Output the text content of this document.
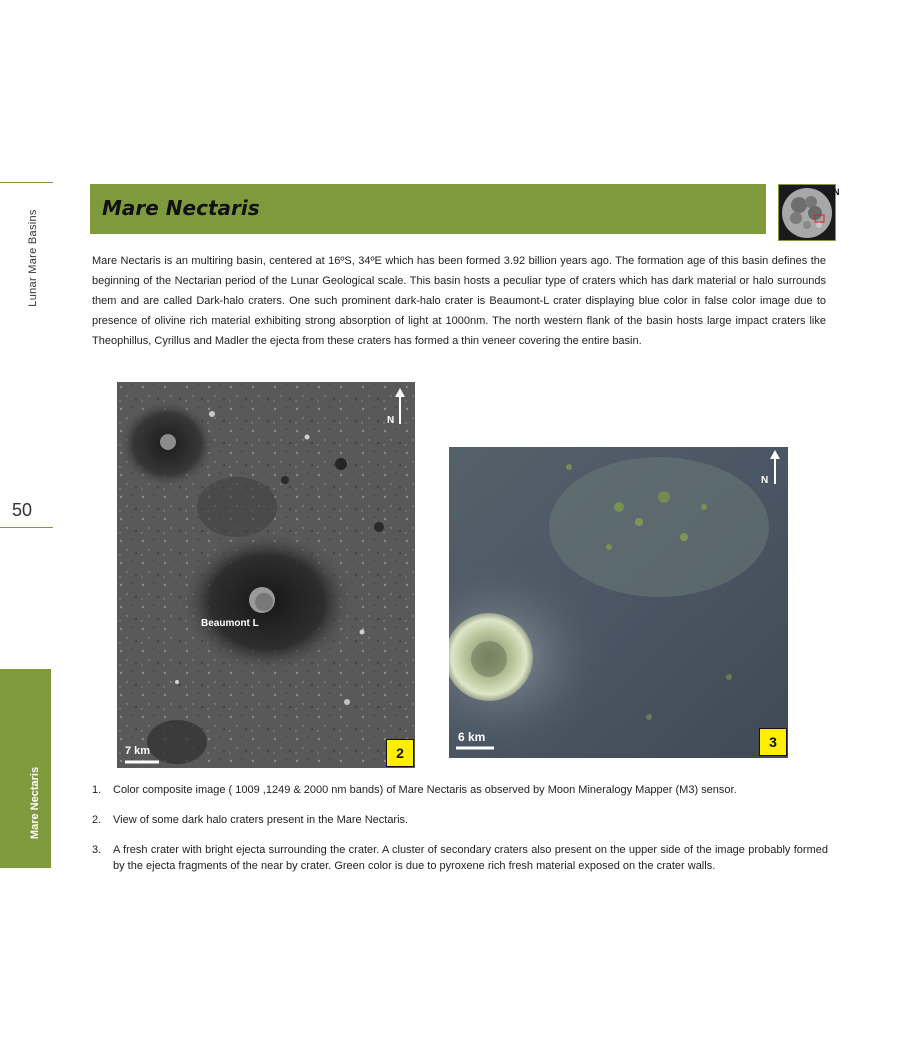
Lunar Mare Basins
50
Mare Nectaris
Mare Nectaris
N
Mare Nectaris is an multiring basin, centered at 16ºS, 34ºE which has been formed 3.92 billion years ago. The formation age of this basin defines the beginning of the Nectarian period of the Lunar Geological scale. This basin hosts a peculiar type of craters which has dark material or halo surrounds them and are called Dark-halo craters. One such prominent dark-halo crater is Beaumont-L crater displaying blue color in false color image due to presence of olivine rich material exhibiting strong absorption of light at 1000nm. The north western flank of the basin hosts large impact craters like Theophillus, Cyrillus and Madler the ejecta from these craters has formed a thin veneer covering the entire basin.
N
Beaumont L
7 km	2
N
6 km	3
1. Color composite image ( 1009 ,1249 & 2000 nm bands) of Mare Nectaris as observed by Moon Mineralogy Mapper (M3) sensor.
2. View of some dark halo craters present in the Mare Nectaris.
3. A fresh crater with bright ejecta surrounding the crater. A cluster of secondary craters also present on the upper side of the image probably formed by the ejecta fragments of the near by crater. Green color is due to pyroxene rich fresh material exposed on the crater walls.
